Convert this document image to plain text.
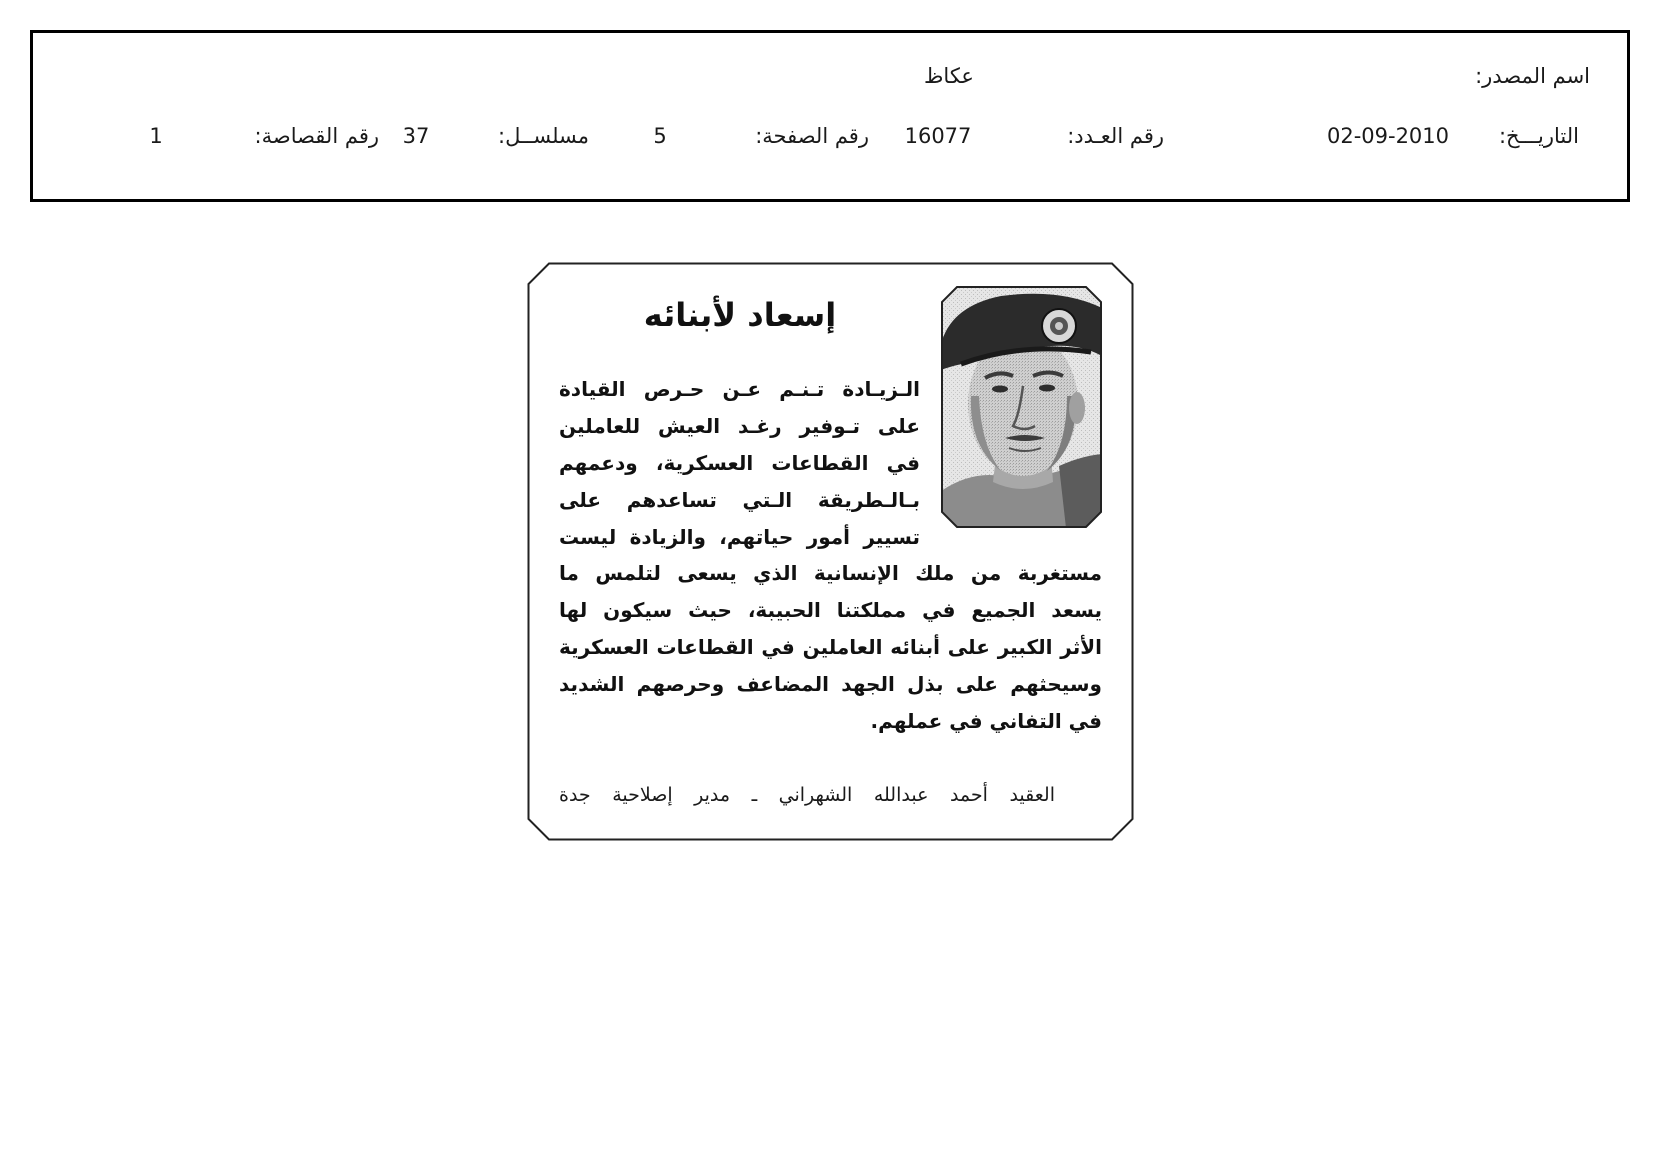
اسم المصدر:
عكاظ
التاريـــخ:
02-09-2010
رقم العـدد:
16077
رقم الصفحة:
5
مسلســل:
37
رقم القصاصة:
1
إسعاد لأبنائه
الـزيـادة تـنـم عـن حـرص القيادة
على تـوفير رغـد العيش للعاملين
في القطاعات العسكرية، ودعمهم
بـالـطريقة الـتي تساعدهم على
تسيير أمور حياتهم، والزيادة ليست
مستغربة من ملك الإنسانية الذي يسعى لتلمس ما
يسعد الجميع في مملكتنا الحبيبة، حيث سيكون لها
الأثر الكبير على أبنائه العاملين في القطاعات العسكرية
وسيحثهم على بذل الجهد المضاعف وحرصهم الشديد
في التفاني في عملهم.
العقيد أحمد عبدالله الشهراني ـ مدير إصلاحية جدة
